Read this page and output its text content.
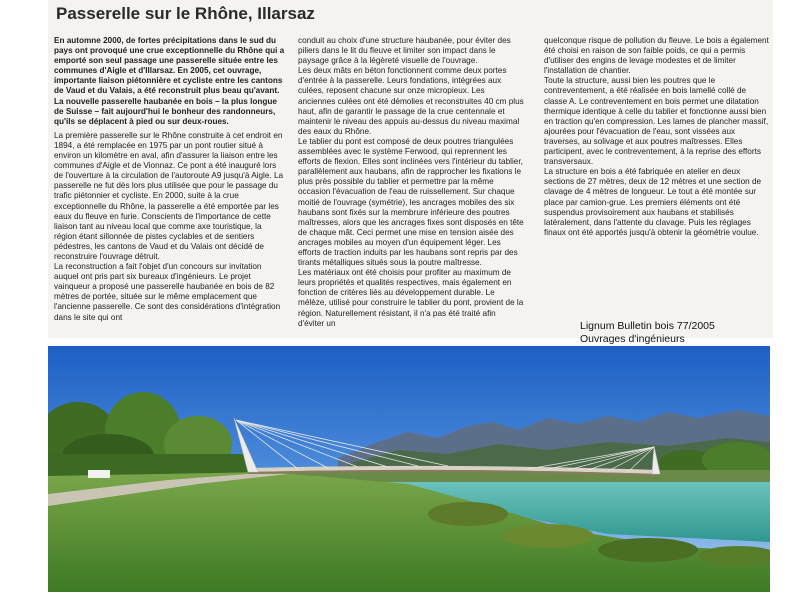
Passerelle sur le Rhône, Illarsaz

En automne 2000, de fortes précipitations dans le sud du pays ont provoqué une crue exceptionnelle du Rhône qui a emporté son seul passage une passerelle située entre les communes d'Aigle et d'Illarsaz. En 2005, cet ouvrage, importante liaison piétonnière et cycliste entre les cantons de Vaud et du Valais, a été reconstruit plus beau qu'avant. La nouvelle passerelle haubanée en bois – la plus longue de Suisse – fait aujourd'hui le bonheur des randonneurs, qu'ils se déplacent à pied ou sur deux-roues.

La première passerelle sur le Rhône construite à cet endroit en 1894, a été remplacée en 1975 par un pont routier situé à environ un kilomètre en aval, afin d'assurer la liaison entre les communes d'Aigle et de Vionnaz. Ce pont a été inauguré lors de l'ouverture à la circulation de l'autoroute A9 jusqu'à Aigle. La passerelle ne fut dès lors plus utilisée que pour le passage du trafic piétonnier et cycliste. En 2000, suite à la crue exceptionnelle du Rhône, la passerelle a été emportée par les eaux du fleuve en furie. Conscients de l'importance de cette liaison tant au niveau local que comme axe touristique, la région étant sillonnée de pistes cyclables et de sentiers pédestres, les cantons de Vaud et du Valais ont décidé de reconstruire l'ouvrage détruit.

La reconstruction a fait l'objet d'un concours sur invitation auquel ont pris part six bureaux d'ingénieurs. Le projet vainqueur a proposé une passerelle haubanée en bois de 82 mètres de portée, située sur le même emplacement que l'ancienne passerelle. Ce sont des considérations d'intégration dans le site qui ont

conduit au choix d'une structure haubanée, pour éviter des piliers dans le lit du fleuve et limiter son impact dans le paysage grâce à la légèreté visuelle de l'ouvrage.

Les deux mâts en béton fonctionnent comme deux portes d'entrée à la passerelle. Leurs fondations, intégrées aux culées, reposent chacune sur onze micropieux. Les anciennes culées ont été démolies et reconstruites 40 cm plus haut, afin de garantir le passage de la crue centennale et maintenir le niveau des appuis au-dessus du niveau maximal des eaux du Rhône.

Le tablier du pont est composé de deux poutres triangulées assemblées avec le système Ferwood, qui reprennent les efforts de flexion. Elles sont inclinées vers l'intérieur du tablier, parallèlement aux haubans, afin de rapprocher les fixations le plus près possible du tablier et permettre par la même occasion l'évacuation de l'eau de ruissellement. Sur chaque moitié de l'ouvrage (symétrie), les ancrages mobiles des six haubans sont fixés sur la membrure inférieure des poutres maîtresses, alors que les ancrages fixes sont disposés en tête de chaque mât. Ceci permet une mise en tension aisée des ancrages mobiles au moyen d'un équipement léger. Les efforts de traction induits par les haubans sont repris par des tirants métalliques situés sous la poutre maîtresse.

Les matériaux ont été choisis pour profiter au maximum de leurs propriétés et qualités respectives, mais également en fonction de critères liés au développement durable. Le mélèze, utilisé pour construire le tablier du pont, provient de la région. Naturellement résistant, il n'a pas été traité afin d'éviter un

quelconque risque de pollution du fleuve. Le bois a également été choisi en raison de son faible poids, ce qui a permis d'utiliser des engins de levage modestes et de limiter l'installation de chantier.

Toute la structure, aussi bien les poutres que le contreventement, a été réalisée en bois lamellé collé de classe A. Le contreventement en bois permet une dilatation thermique identique à celle du tablier et fonctionne aussi bien en traction qu'en compression. Les lames de plancher massif, ajourées pour l'évacuation de l'eau, sont vissées aux traverses, au solivage et aux poutres maîtresses. Elles participent, avec le contreventement, à la reprise des efforts transversaux.

La structure en bois a été fabriquée en atelier en deux sections de 27 mètres, deux de 12 mètres et une section de clavage de 4 mètres de longueur. Le tout a été montée sur place par camion-grue. Les premiers éléments ont été suspendus provisoirement aux haubans et stabilisés latéralement, dans l'attente du clavage. Puis les réglages finaux ont été apportés jusqu'à obtenir la géométrie voulue.

Lignum Bulletin bois 77/2005
Ouvrages d'ingénieurs
